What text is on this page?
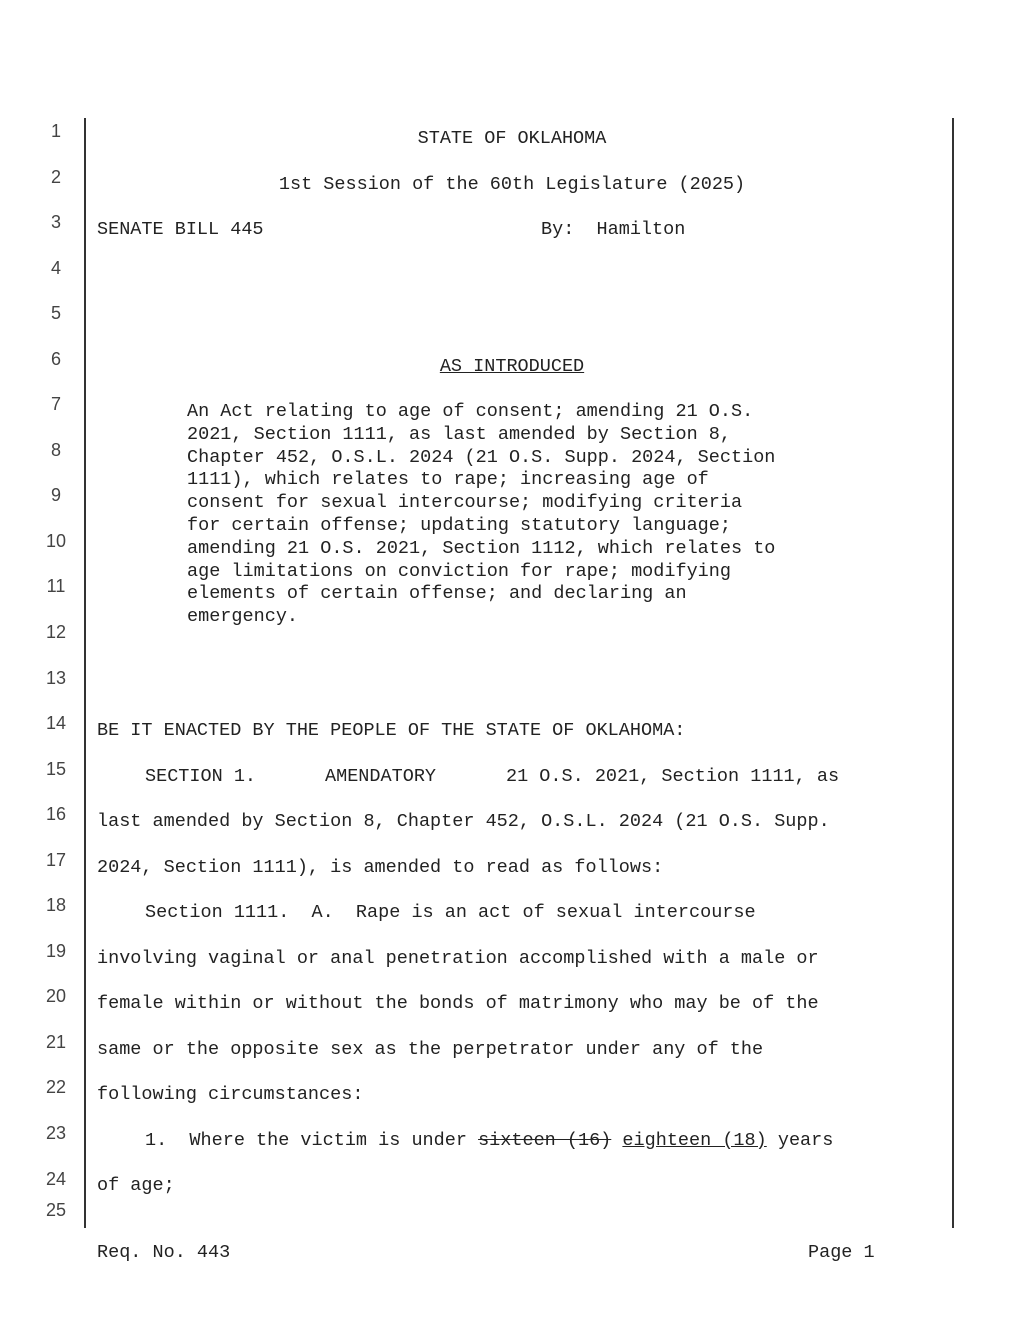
1
2
3
4
5
6
7
8
9
10
11
12
13
14
15
16
17
18
19
20
21
22
23
24
25
STATE OF OKLAHOMA
1st Session of the 60th Legislature (2025)
SENATE BILL 445	By:  Hamilton
AS INTRODUCED
An Act relating to age of consent; amending 21 O.S.
2021, Section 1111, as last amended by Section 8,
Chapter 452, O.S.L. 2024 (21 O.S. Supp. 2024, Section
1111), which relates to rape; increasing age of
consent for sexual intercourse; modifying criteria
for certain offense; updating statutory language;
amending 21 O.S. 2021, Section 1112, which relates to
age limitations on conviction for rape; modifying
elements of certain offense; and declaring an
emergency.
BE IT ENACTED BY THE PEOPLE OF THE STATE OF OKLAHOMA:
SECTION 1.	AMENDATORY	21 O.S. 2021, Section 1111, as
last amended by Section 8, Chapter 452, O.S.L. 2024 (21 O.S. Supp.
2024, Section 1111), is amended to read as follows:
Section 1111.  A.  Rape is an act of sexual intercourse
involving vaginal or anal penetration accomplished with a male or
female within or without the bonds of matrimony who may be of the
same or the opposite sex as the perpetrator under any of the
following circumstances:
1.  Where the victim is under sixteen (16) eighteen (18) years
of age;
Req. No. 443	Page 1
